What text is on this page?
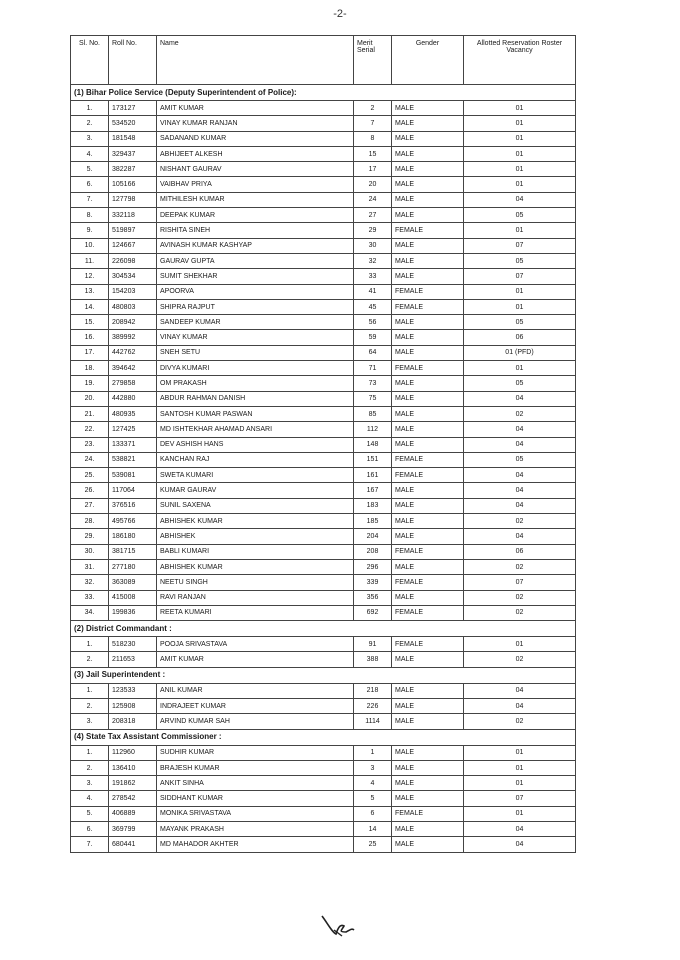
-2-
Sl. No.	Roll No.	Name	Merit Serial	Gender	Allotted Reservation Roster Vacancy
(1) Bihar Police Service (Deputy Superintendent of Police):					
1.	173127	AMIT KUMAR	2	MALE	01
2.	534520	VINAY KUMAR RANJAN	7	MALE	01
3.	181548	SADANAND KUMAR	8	MALE	01
4.	329437	ABHIJEET ALKESH	15	MALE	01
5.	382287	NISHANT GAURAV	17	MALE	01
6.	105166	VAIBHAV PRIYA	20	MALE	01
7.	127798	MITHILESH KUMAR	24	MALE	04
8.	332118	DEEPAK KUMAR	27	MALE	05
9.	519897	RISHITA SINEH	29	FEMALE	01
10.	124667	AVINASH KUMAR KASHYAP	30	MALE	07
11.	226098	GAURAV GUPTA	32	MALE	05
12.	304534	SUMIT SHEKHAR	33	MALE	07
13.	154203	APOORVA	41	FEMALE	01
14.	480803	SHIPRA RAJPUT	45	FEMALE	01
15.	208942	SANDEEP KUMAR	56	MALE	05
16.	389992	VINAY KUMAR	59	MALE	06
17.	442762	SNEH SETU	64	MALE	01 (PFD)
18.	394642	DIVYA KUMARI	71	FEMALE	01
19.	279858	OM PRAKASH	73	MALE	05
20.	442880	ABDUR RAHMAN DANISH	75	MALE	04
21.	480935	SANTOSH KUMAR PASWAN	85	MALE	02
22.	127425	MD ISHTEKHAR AHAMAD ANSARI	112	MALE	04
23.	133371	DEV ASHISH HANS	148	MALE	04
24.	538821	KANCHAN RAJ	151	FEMALE	05
25.	539081	SWETA KUMARI	161	FEMALE	04
26.	117064	KUMAR GAURAV	167	MALE	04
27.	376516	SUNIL SAXENA	183	MALE	04
28.	495766	ABHISHEK KUMAR	185	MALE	02
29.	186180	ABHISHEK	204	MALE	04
30.	381715	BABLI KUMARI	208	FEMALE	06
31.	277180	ABHISHEK KUMAR	296	MALE	02
32.	363089	NEETU SINGH	339	FEMALE	07
33.	415008	RAVI RANJAN	356	MALE	02
34.	199836	REETA KUMARI	692	FEMALE	02
(2) District Commandant :					
1.	518230	POOJA SRIVASTAVA	91	FEMALE	01
2.	211653	AMIT KUMAR	388	MALE	02
(3) Jail Superintendent :					
1.	123533	ANIL KUMAR	218	MALE	04
2.	125908	INDRAJEET KUMAR	226	MALE	04
3.	208318	ARVIND KUMAR SAH	1114	MALE	02
(4) State Tax Assistant Commissioner :					
1.	112960	SUDHIR KUMAR	1	MALE	01
2.	136410	BRAJESH KUMAR	3	MALE	01
3.	191862	ANKIT SINHA	4	MALE	01
4.	278542	SIDDHANT KUMAR	5	MALE	07
5.	406889	MONIKA SRIVASTAVA	6	FEMALE	01
6.	369799	MAYANK PRAKASH	14	MALE	04
7.	680441	MD MAHADOR AKHTER	25	MALE	04
